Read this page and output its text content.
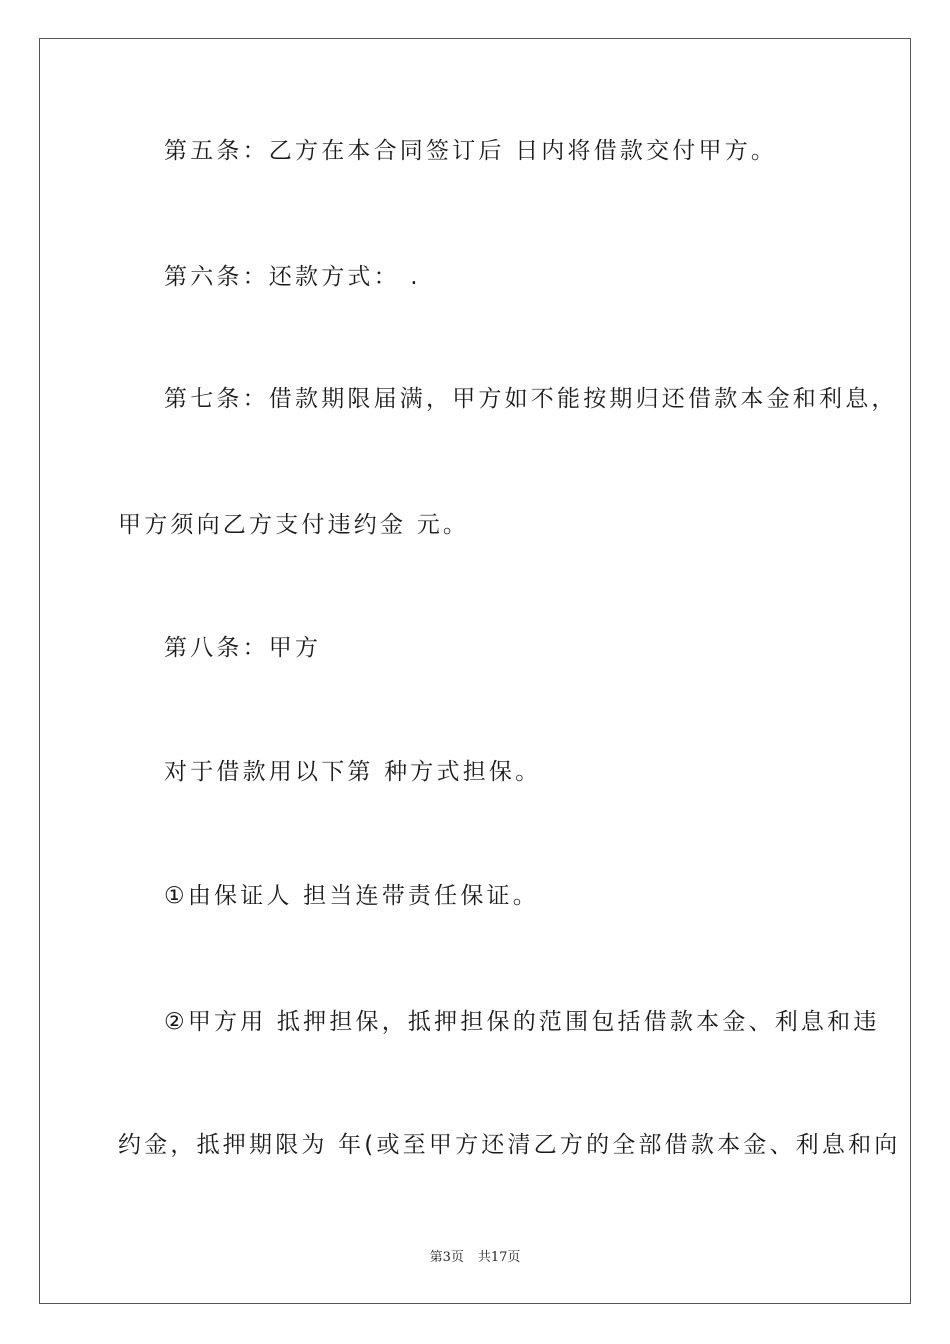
第五条：乙方在本合同签订后 日内将借款交付甲方。
第六条：还款方式： .
第七条：借款期限届满，甲方如不能按期归还借款本金和利息，
甲方须向乙方支付违约金 元。
第八条：甲方
对于借款用以下第 种方式担保。
①由保证人 担当连带责任保证。
②甲方用 抵押担保，抵押担保的范围包括借款本金、利息和违
约金，抵押期限为 年(或至甲方还清乙方的全部借款本金、利息和向
第3页 共17页
